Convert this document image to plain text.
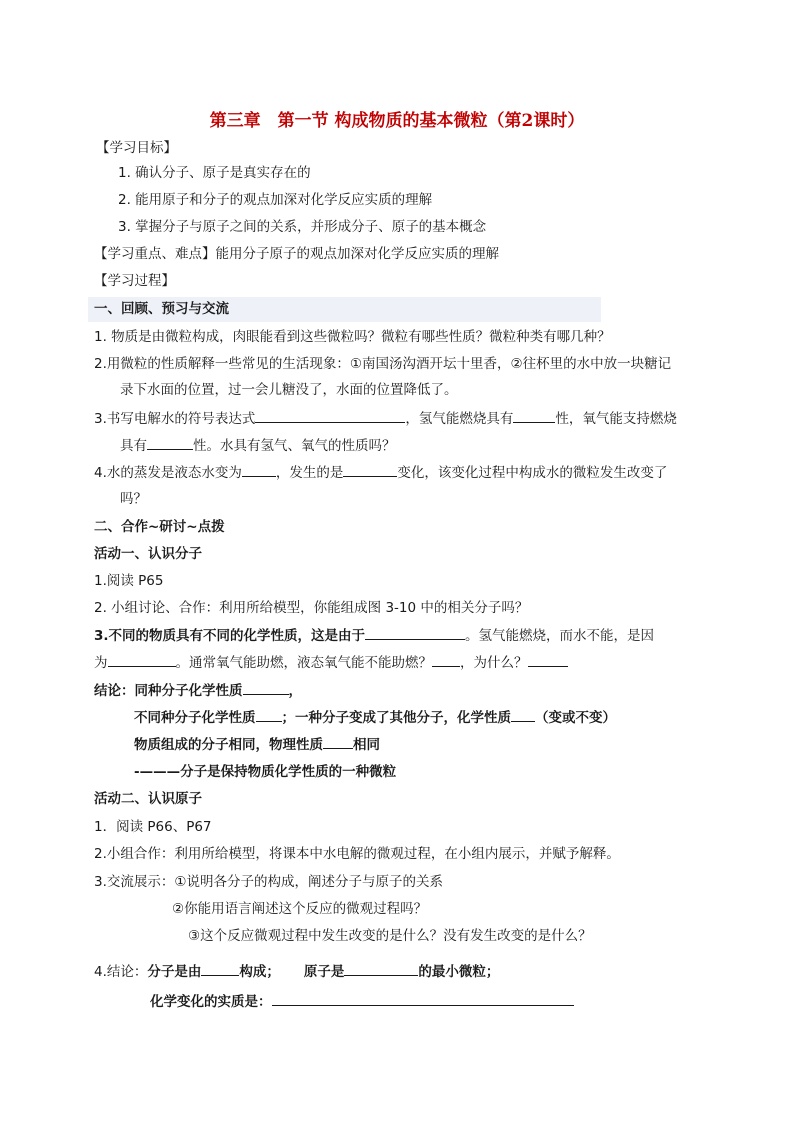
第三章　第一节 构成物质的基本微粒（第2课时）
【学习目标】
1. 确认分子、原子是真实存在的
2. 能用原子和分子的观点加深对化学反应实质的理解
3. 掌握分子与原子之间的关系，并形成分子、原子的基本概念
【学习重点、难点】能用分子原子的观点加深对化学反应实质的理解
【学习过程】
一、回顾、预习与交流
1. 物质是由微粒构成，肉眼能看到这些微粒吗？微粒有哪些性质？微粒种类有哪几种？
2.用微粒的性质解释一些常见的生活现象：①南国汤沟酒开坛十里香，②往杯里的水中放一块糖记
录下水面的位置，过一会儿糖没了，水面的位置降低了。
3.书写电解水的符号表达式	，氢气能燃烧具有	性，氧气能支持燃烧
具有	性。水具有氢气、氧气的性质吗？
4.水的蒸发是液态水变为	，发生的是	变化，该变化过程中构成水的微粒发生改变了
吗？
二、合作~研讨~点拨
活动一、认识分子
1.阅读 P65
2. 小组讨论、合作：利用所给模型，你能组成图 3-10 中的相关分子吗？
3.不同的物质具有不同的化学性质，这是由于	。氢气能燃烧，而水不能，是因
为	。通常氧气能助燃，液态氧气能不能助燃？ ，为什么？
结论：同种分子化学性质	，
不同种分子化学性质 ；一种分子变成了其他分子，化学性质 （变或不变）
物质组成的分子相同，物理性质 相同
-———分子是保持物质化学性质的一种微粒
活动二、认识原子
1．阅读 P66、P67
2.小组合作：利用所给模型，将课本中水电解的微观过程，在小组内展示，并赋予解释。
3.交流展示：①说明各分子的构成，阐述分子与原子的关系
②你能用语言阐述这个反应的微观过程吗？
③这个反应微观过程中发生改变的是什么？没有发生改变的是什么？
4.结论：分子是由	构成； 原子是	的最小微粒；
化学变化的实质是：
